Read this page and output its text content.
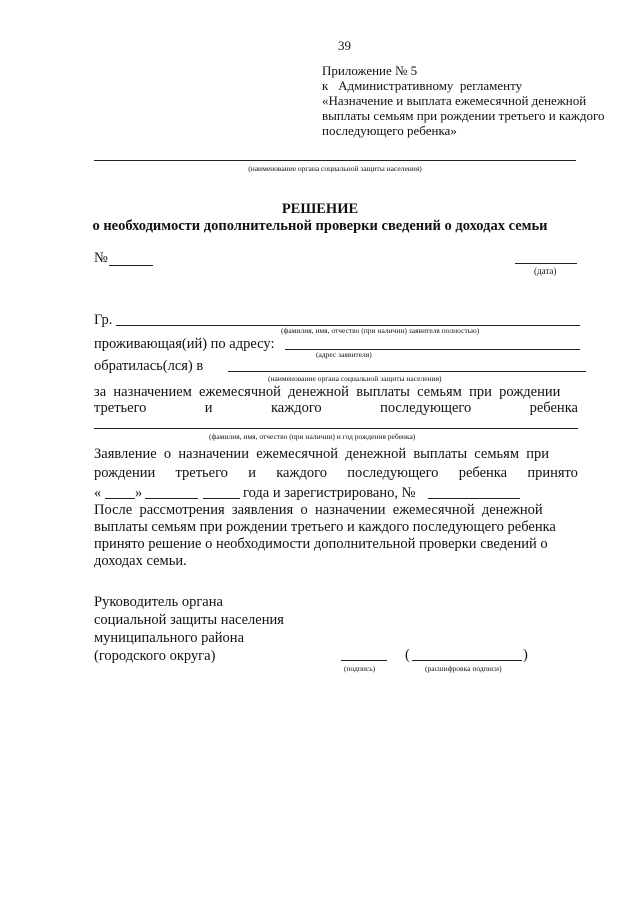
39
Приложение № 5
к   Административному  регламенту
«Назначение и выплата ежемесячной денежной
выплаты семьям при рождении третьего и каждого
последующего ребенка»
(наименование органа социальной защиты населения)
РЕШЕНИЕ
о необходимости дополнительной проверки сведений о доходах семьи
№
(дата)
Гр.
(фамилия, имя, отчество (при наличии) заявителя полностью)
проживающая(ий) по адресу:
(адрес заявителя)
обратилась(лся) в
(наименование органа социальной защиты населения)
за  назначением  ежемесячной  денежной  выплаты  семьям  при  рождении
третьего	и	каждого	последующего	ребенка
(фамилия, имя, отчество (при наличии) и год рождения ребенка)
Заявление  о  назначении  ежемесячной  денежной  выплаты  семьям  при
рождении третьего и каждого последующего ребенка принято
« »	года и зарегистрировано, №
После  рассмотрения  заявления  о  назначении  ежемесячной  денежной
выплаты семьям при рождении третьего и каждого последующего ребенка
принято решение о необходимости дополнительной проверки сведений о
доходах семьи.
Руководитель органа
социальной защиты населения
муниципального района
(городского округа)
(подпись)
(	)
(расшифровка подписи)
